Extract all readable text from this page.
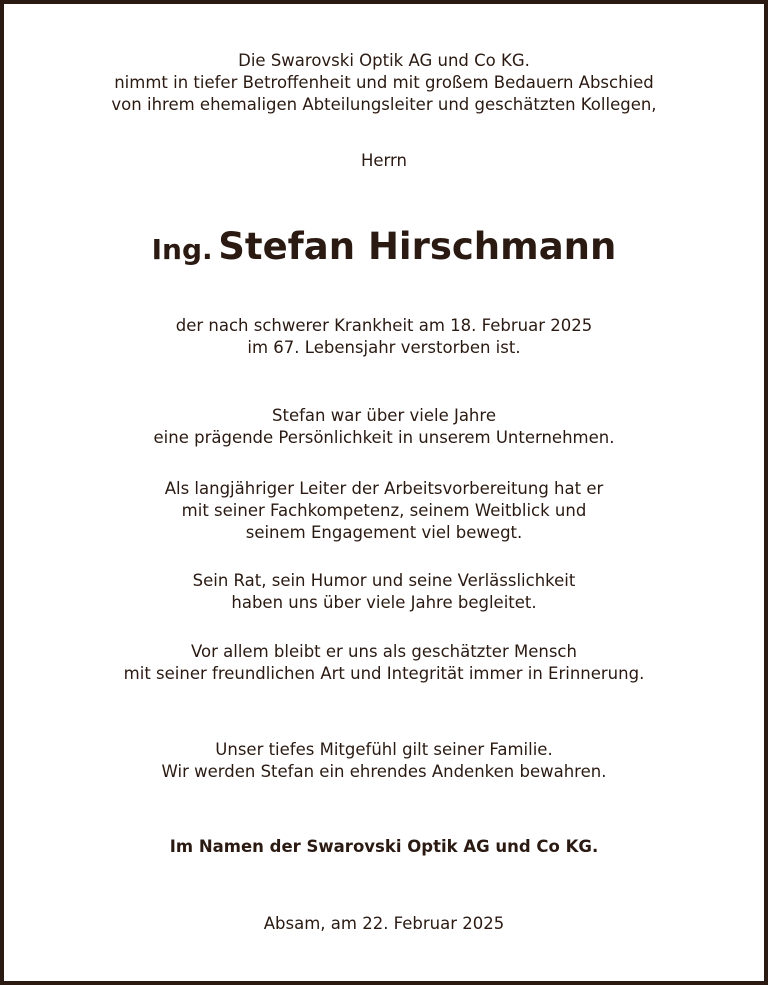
Die Swarovski Optik AG und Co KG.
nimmt in tiefer Betroffenheit und mit großem Bedauern Abschied
von ihrem ehemaligen Abteilungsleiter und geschätzten Kollegen,
Herrn
Ing. Stefan Hirschmann
der nach schwerer Krankheit am 18. Februar 2025
im 67. Lebensjahr verstorben ist.
Stefan war über viele Jahre
eine prägende Persönlichkeit in unserem Unternehmen.
Als langjähriger Leiter der Arbeitsvorbereitung hat er
mit seiner Fachkompetenz, seinem Weitblick und
seinem Engagement viel bewegt.
Sein Rat, sein Humor und seine Verlässlichkeit
haben uns über viele Jahre begleitet.
Vor allem bleibt er uns als geschätzter Mensch
mit seiner freundlichen Art und Integrität immer in Erinnerung.
Unser tiefes Mitgefühl gilt seiner Familie.
Wir werden Stefan ein ehrendes Andenken bewahren.
Im Namen der Swarovski Optik AG und Co KG.
Absam, am 22. Februar 2025
